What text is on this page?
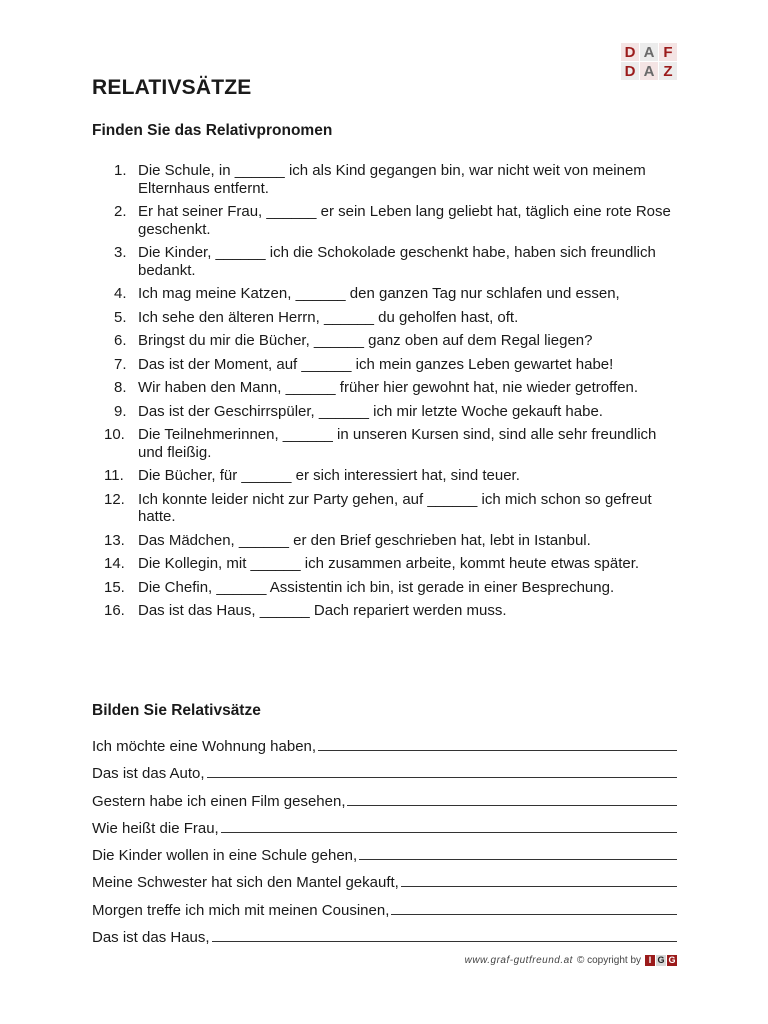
D A F
D A Z
RELATIVSÄTZE
Finden Sie das Relativpronomen
1. Die Schule, in ______ ich als Kind gegangen bin, war nicht weit von meinem Elternhaus entfernt.
2. Er hat seiner Frau, ______ er sein Leben lang geliebt hat, täglich eine rote Rose geschenkt.
3. Die Kinder, ______ ich die Schokolade geschenkt habe, haben sich freundlich bedankt.
4. Ich mag meine Katzen, ______ den ganzen Tag nur schlafen und essen,
5. Ich sehe den älteren Herrn, ______ du geholfen hast, oft.
6. Bringst du mir die Bücher, ______ ganz oben auf dem Regal liegen?
7. Das ist der Moment, auf ______ ich mein ganzes Leben gewartet habe!
8. Wir haben den Mann, ______ früher hier gewohnt hat, nie wieder getroffen.
9. Das ist der Geschirrspüler, ______ ich mir letzte Woche gekauft habe.
10. Die Teilnehmerinnen, ______ in unseren Kursen sind, sind alle sehr freundlich und fleißig.
11. Die Bücher, für ______ er sich interessiert hat, sind teuer.
12. Ich konnte leider nicht zur Party gehen, auf ______ ich mich schon so gefreut hatte.
13. Das Mädchen, ______ er den Brief geschrieben hat, lebt in Istanbul.
14. Die Kollegin, mit ______ ich zusammen arbeite, kommt heute etwas später.
15. Die Chefin, ______ Assistentin ich bin, ist gerade in einer Besprechung.
16. Das ist das Haus, ______ Dach repariert werden muss.
Bilden Sie Relativsätze
Ich möchte eine Wohnung haben,
Das ist das Auto,
Gestern habe ich einen Film gesehen,
Wie heißt die Frau,
Die Kinder wollen in eine Schule gehen,
Meine Schwester hat sich den Mantel gekauft,
Morgen treffe ich mich mit meinen Cousinen,
Das ist das Haus,
www.graf-gutfreund.at © copyright by I G G
